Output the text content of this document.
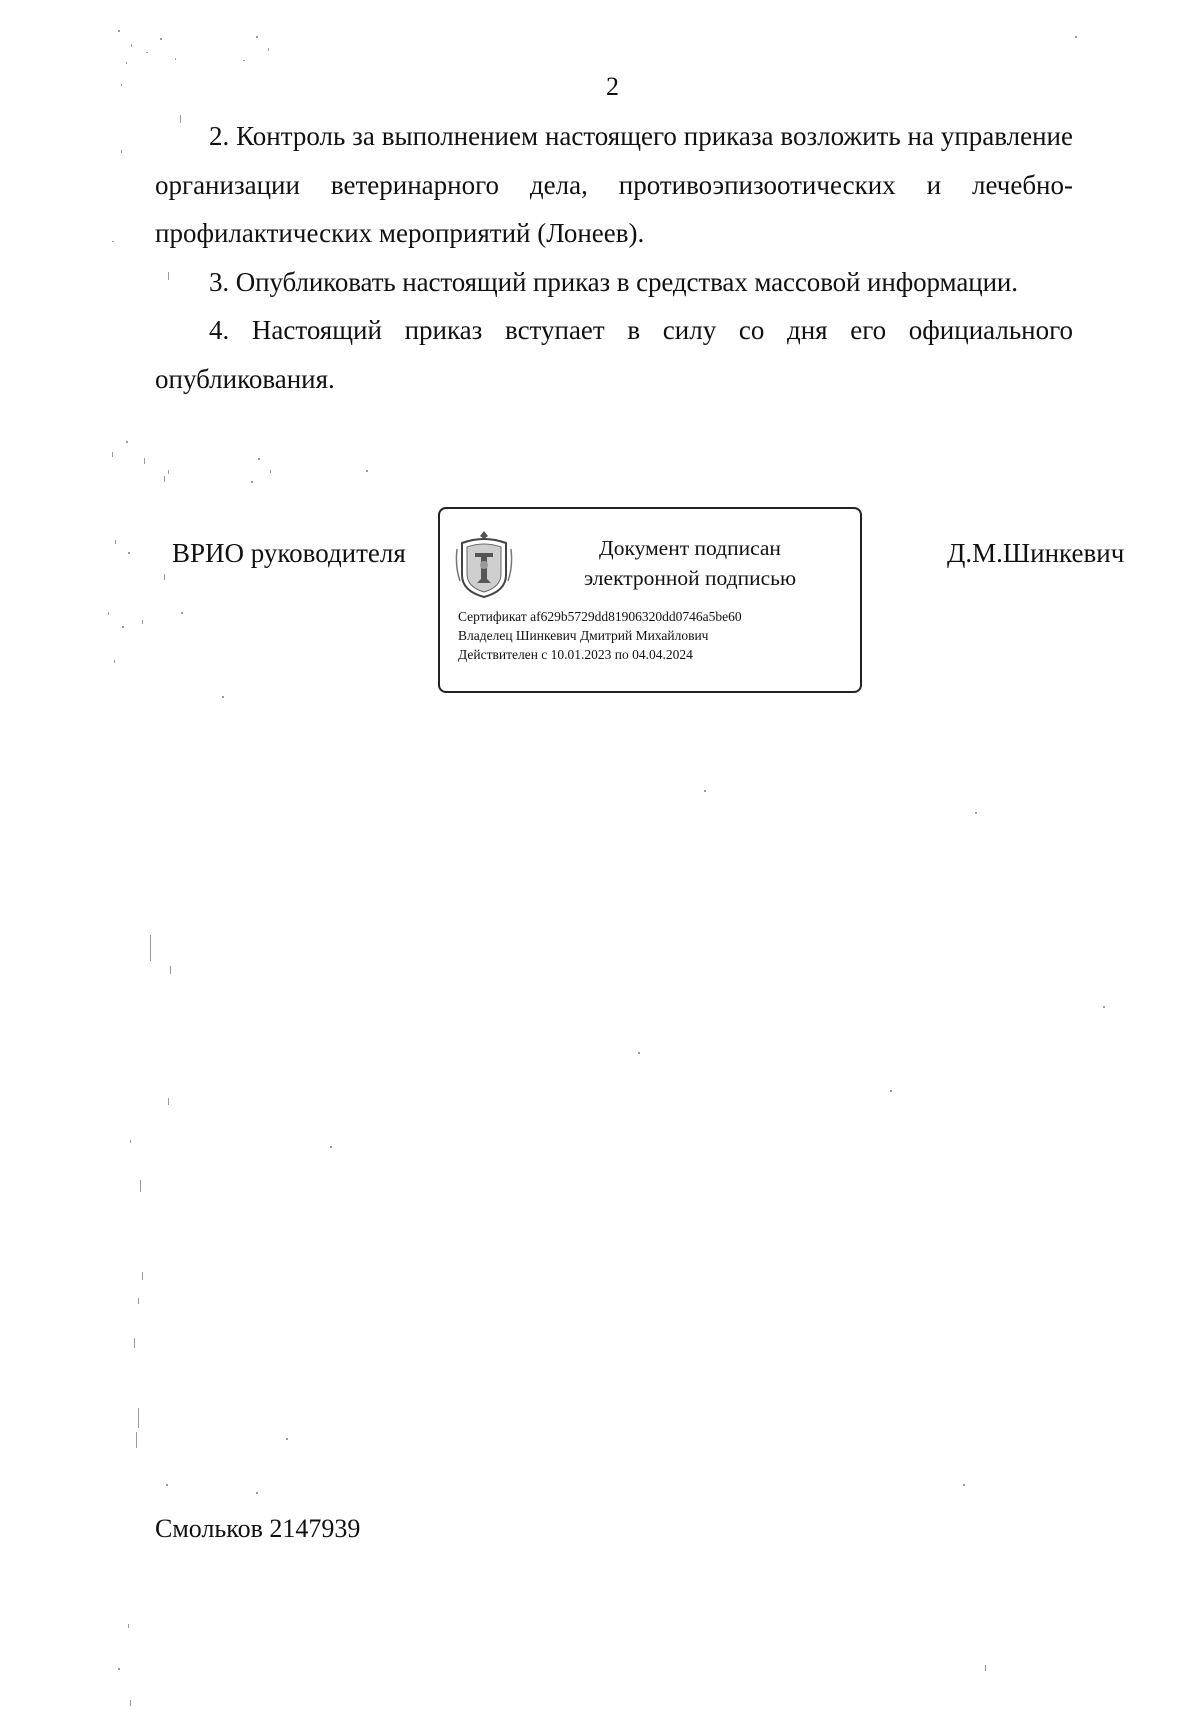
2

2. Контроль за выполнением настоящего приказа возложить на управление организации ветеринарного дела, противоэпизоотических и лечебно-профилактических мероприятий (Лонеев).

3. Опубликовать настоящий приказ в средствах массовой информации.

4. Настоящий приказ вступает в силу со дня его официального опубликования.

ВРИО руководителя	Документ подписан
электронной подписью
Сертификат af629b5729dd81906320dd0746a5be60
Владелец Шинкевич Дмитрий Михайлович
Действителен с 10.01.2023 по 04.04.2024
Д.М.Шинкевич
Смольков 2147939
